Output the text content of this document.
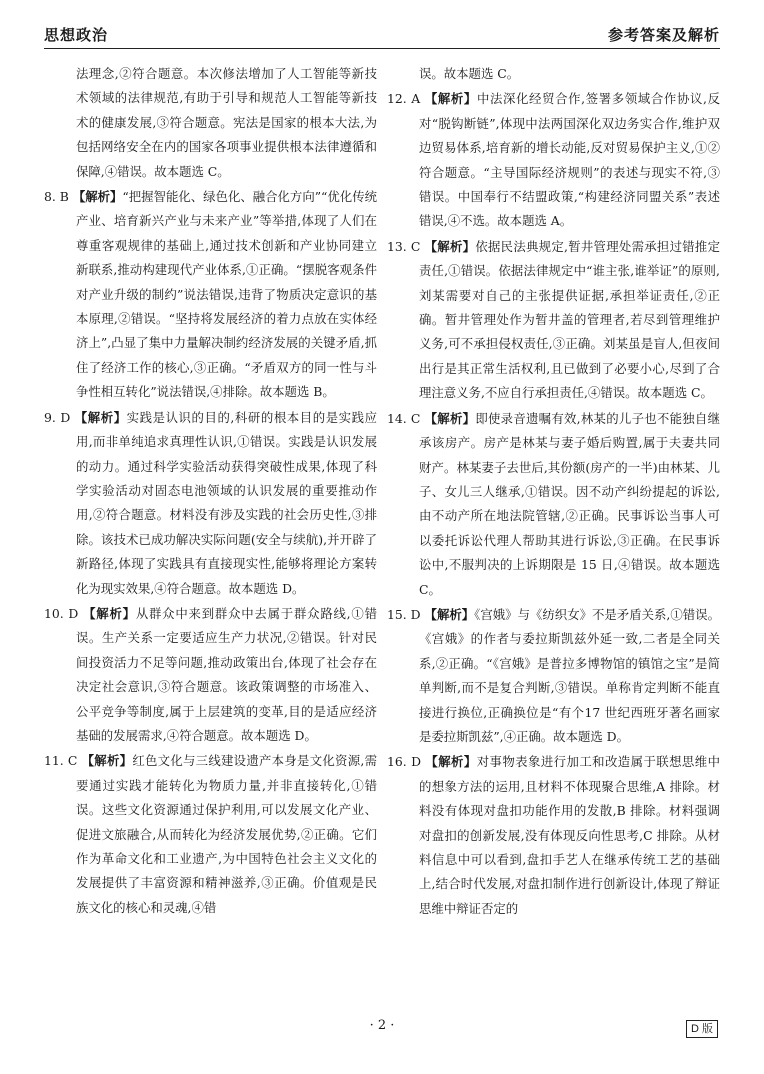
思想政治	参考答案及解析

法理念,②符合题意。本次修法增加了人工智能等新技术领域的法律规范,有助于引导和规范人工智能等新技术的健康发展,③符合题意。宪法是国家的根本大法,为包括网络安全在内的国家各项事业提供根本法律遵循和保障,④错误。故本题选 C。

8. B 【解析】“把握智能化、绿色化、融合化方向”“优化传统产业、培育新兴产业与未来产业”等举措,体现了人们在尊重客观规律的基础上,通过技术创新和产业协同建立新联系,推动构建现代产业体系,①正确。“摆脱客观条件对产业升级的制约”说法错误,违背了物质决定意识的基本原理,②错误。“坚持将发展经济的着力点放在实体经济上”,凸显了集中力量解决制约经济发展的关键矛盾,抓住了经济工作的核心,③正确。“矛盾双方的同一性与斗争性相互转化”说法错误,④排除。故本题选 B。

9. D 【解析】实践是认识的目的,科研的根本目的是实践应用,而非单纯追求真理性认识,①错误。实践是认识发展的动力。通过科学实验活动获得突破性成果,体现了科学实验活动对固态电池领域的认识发展的重要推动作用,②符合题意。材料没有涉及实践的社会历史性,③排除。该技术已成功解决实际问题(安全与续航),并开辟了新路径,体现了实践具有直接现实性,能够将理论方案转化为现实效果,④符合题意。故本题选 D。

10. D 【解析】从群众中来到群众中去属于群众路线,①错误。生产关系一定要适应生产力状况,②错误。针对民间投资活力不足等问题,推动政策出台,体现了社会存在决定社会意识,③符合题意。该政策调整的市场准入、公平竞争等制度,属于上层建筑的变革,目的是适应经济基础的发展需求,④符合题意。故本题选 D。

11. C 【解析】红色文化与三线建设遗产本身是文化资源,需要通过实践才能转化为物质力量,并非直接转化,①错误。这些文化资源通过保护利用,可以发展文化产业、促进文旅融合,从而转化为经济发展优势,②正确。它们作为革命文化和工业遗产,为中国特色社会主义文化的发展提供了丰富资源和精神滋养,③正确。价值观是民族文化的核心和灵魂,④错

误。故本题选 C。

12. A 【解析】中法深化经贸合作,签署多领域合作协议,反对“脱钩断链”,体现中法两国深化双边务实合作,维护双边贸易体系,培育新的增长动能,反对贸易保护主义,①②符合题意。“主导国际经济规则”的表述与现实不符,③错误。中国奉行不结盟政策,“构建经济同盟关系”表述错误,④不选。故本题选 A。

13. C 【解析】依据民法典规定,暂井管理处需承担过错推定责任,①错误。依据法律规定中“谁主张,谁举证”的原则,刘某需要对自己的主张提供证据,承担举证责任,②正确。暂井管理处作为暂井盖的管理者,若尽到管理维护义务,可不承担侵权责任,③正确。刘某虽是盲人,但夜间出行是其正常生活权利,且已做到了必要小心,尽到了合理注意义务,不应自行承担责任,④错误。故本题选 C。

14. C 【解析】即使录音遗嘱有效,林某的儿子也不能独自继承该房产。房产是林某与妻子婚后购置,属于夫妻共同财产。林某妻子去世后,其份额(房产的一半)由林某、儿子、女儿三人继承,①错误。因不动产纠纷提起的诉讼,由不动产所在地法院管辖,②正确。民事诉讼当事人可以委托诉讼代理人帮助其进行诉讼,③正确。在民事诉讼中,不服判决的上诉期限是 15 日,④错误。故本题选 C。

15. D 【解析】《宫娥》与《纺织女》不是矛盾关系,①错误。《宫娥》的作者与委拉斯凯兹外延一致,二者是全同关系,②正确。“《宫娥》是普拉多博物馆的镇馆之宝”是简单判断,而不是复合判断,③错误。单称肯定判断不能直接进行换位,正确换位是“有个17 世纪西班牙著名画家是委拉斯凯兹”,④正确。故本题选 D。

16. D 【解析】对事物表象进行加工和改造属于联想思维中的想象方法的运用,且材料不体现聚合思维,A 排除。材料没有体现对盘扣功能作用的发散,B 排除。材料强调对盘扣的创新发展,没有体现反向性思考,C 排除。从材料信息中可以看到,盘扣手艺人在继承传统工艺的基础上,结合时代发展,对盘扣制作进行创新设计,体现了辩证思维中辩证否定的

· 2 ·	D 版
